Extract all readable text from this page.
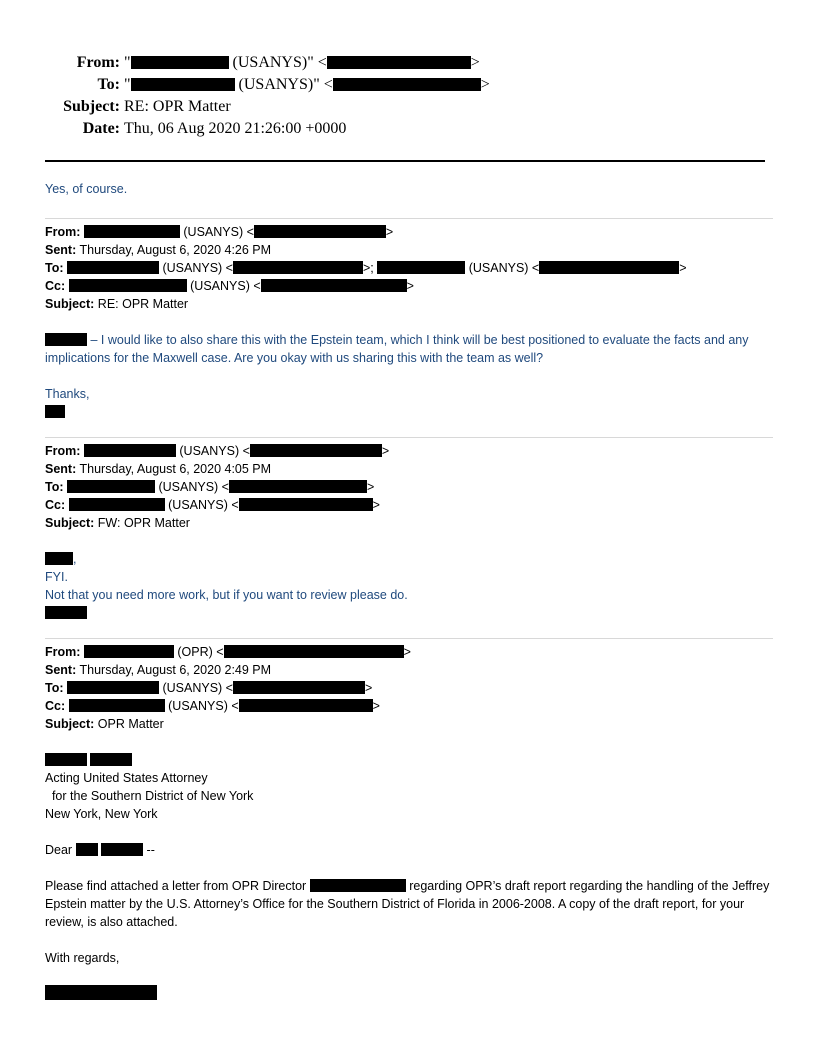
From: "	(USANYS)" <	>
To: "	(USANYS)" <	>
Subject: RE: OPR Matter
Date: Thu, 06 Aug 2020 21:26:00 +0000

Yes, of course.

From:	(USANYS) <	>
Sent: Thursday, August 6, 2020 4:26 PM
To:	(USANYS) <	>;	(USANYS) <	>
Cc:	(USANYS) <	>
Subject: RE: OPR Matter

– I would like to also share this with the Epstein team, which I think will be best positioned to evaluate the facts and any implications for the Maxwell case. Are you okay with us sharing this with the team as well?

Thanks,

From:	(USANYS) <	>
Sent: Thursday, August 6, 2020 4:05 PM
To:	(USANYS) <	>
Cc:	(USANYS) <	>
Subject: FW: OPR Matter
,

FYI.

Not that you need more work, but if you want to review please do.

From:	(OPR) <	>
Sent: Thursday, August 6, 2020 2:49 PM
To:	(USANYS) <	>
Cc:	(USANYS) <	>
Subject: OPR Matter

Acting United States Attorney

for the Southern District of New York

New York, New York

Dear	--

Please find attached a letter from OPR Director	regarding OPR’s draft report regarding the handling of the Jeffrey Epstein matter by the U.S. Attorney’s Office for the Southern District of Florida in 2006-2008. A copy of the draft report, for your review, is also attached.

With regards,
